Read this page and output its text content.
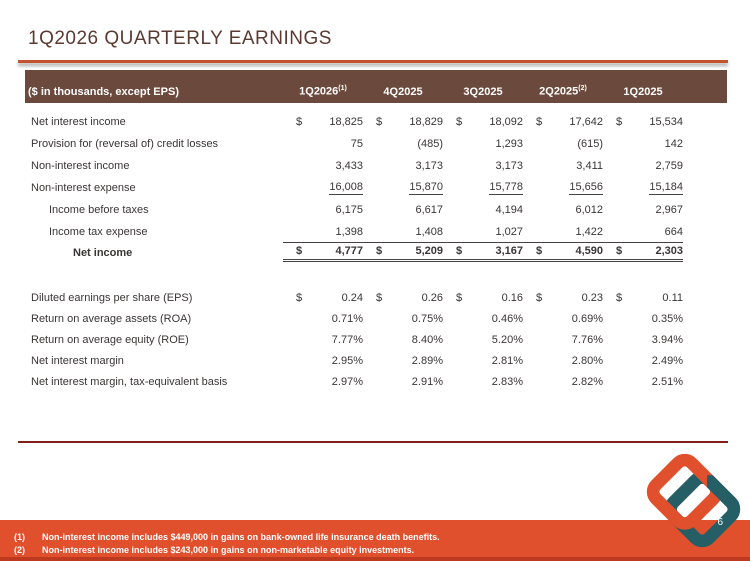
1Q2026 QUARTERLY EARNINGS
($ in thousands, except EPS)	1Q2026$^{(1)}$	4Q2025	3Q2025	2Q2025$^{(2)}$	1Q2025
Net interest income	$ 18,825 $ 18,829 $ 18,092 $ 17,642 $ 15,534
Provision for (reversal of) credit losses	75	(485)	1,293	(615)	142
Non-interest income	3,433	3,173	3,173	3,411	2,759
Non-interest expense	16,008	15,870	15,778	15,656	15,184
Income before taxes	6,175	6,617	4,194	6,012	2,967
Income tax expense	1,398	1,408	1,027	1,422	664
Net income	$	4,777 $	5,209 $	3,167 $	4,590 $	2,303
Diluted earnings per share (EPS)	$	0.24 $	0.26 $	0.16 $	0.23 $	0.11
Return on average assets (ROA)	0.71%	0.75%	0.46%	0.69%	0.35%
Return on average equity (ROE)	7.77%	8.40%	5.20%	7.76%	3.94%
Net interest margin	2.95%	2.89%	2.81%	2.80%	2.49%
Net interest margin, tax-equivalent basis	2.97%	2.91%	2.83%	2.82%	2.51%
(1)	Non-interest income includes $449,000 in gains on bank-owned life insurance death benefits.
(2)	Non-interest income includes $243,000 in gains on non-marketable equity investments.
6
